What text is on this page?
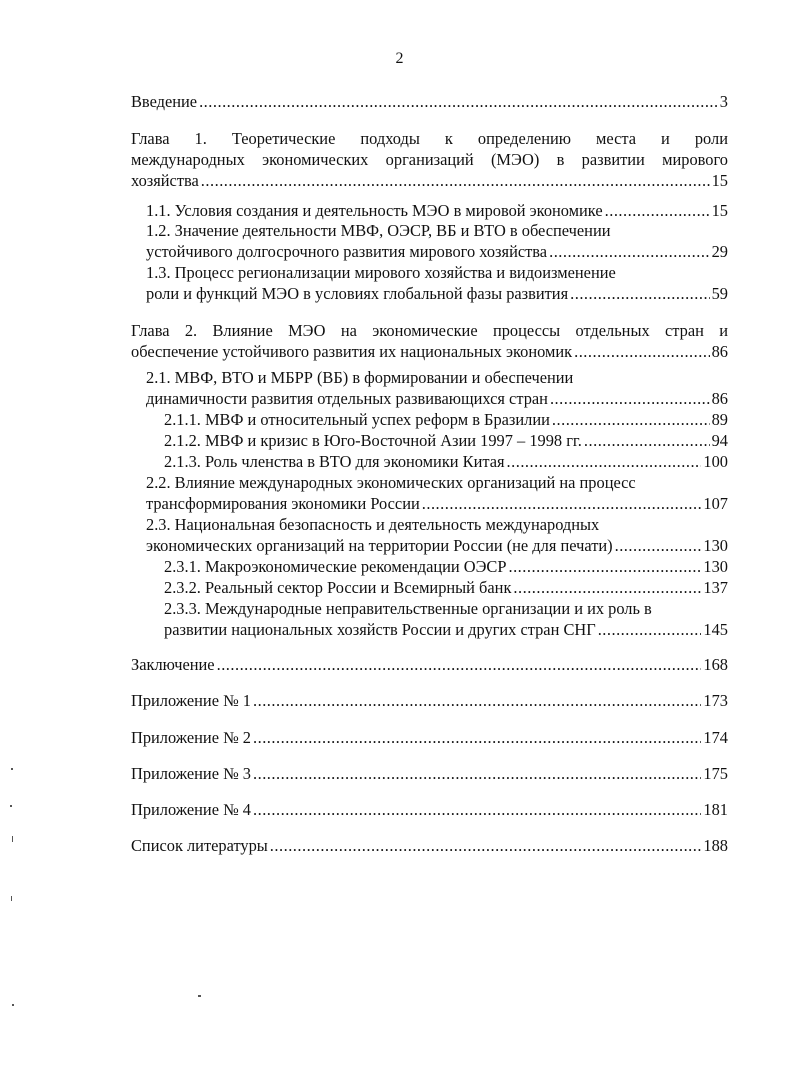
2
Введение .....	3
Глава 1. Теоретические подходы к определению места и роли
международных экономических организаций (МЭО) в развитии мирового
хозяйства .....	15
1.1. Условия создания и деятельность МЭО в мировой экономике .....	15
1.2. Значение деятельности МВФ, ОЭСР, ВБ и ВТО в обеспечении
устойчивого долгосрочного развития мирового хозяйства .....	29
1.3. Процесс регионализации мирового хозяйства и видоизменение
роли и функций МЭО в условиях глобальной фазы развития .....	59
Глава 2. Влияние МЭО на экономические процессы отдельных стран и
обеспечение устойчивого развития их национальных экономик .....	86
2.1. МВФ, ВТО и МБРР (ВБ) в формировании и обеспечении
динамичности развития отдельных развивающихся стран .....	86
2.1.1. МВФ и относительный успех реформ в Бразилии .....	89
2.1.2. МВФ и кризис в Юго-Восточной Азии 1997 – 1998 гг. .....	94
2.1.3. Роль членства в ВТО для экономики Китая .....	100
2.2. Влияние международных экономических организаций на процесс
трансформирования экономики России .....	107
2.3. Национальная безопасность и деятельность международных
экономических организаций на территории России (не для печати) .....	130
2.3.1. Макроэкономические рекомендации ОЭСР .....	130
2.3.2. Реальный сектор России и Всемирный банк .....	137
2.3.3. Международные неправительственные организации и их роль в
развитии национальных хозяйств России и других стран СНГ .....	145
Заключение .....	168
Приложение № 1 .....	173
Приложение № 2 .....	174
Приложение № 3 .....	175
Приложение № 4 .....	181
Список литературы .....	188
